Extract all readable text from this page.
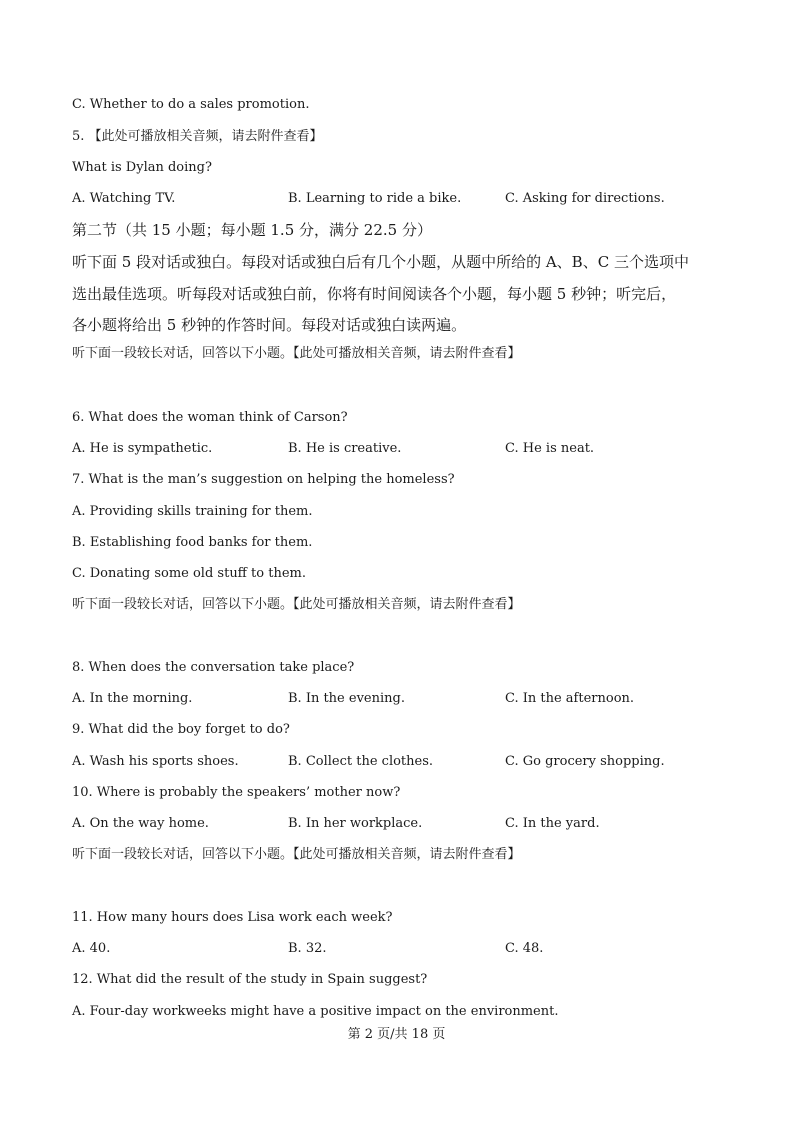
C. Whether to do a sales promotion.
5. 【此处可播放相关音频，请去附件查看】
What is Dylan doing?
A. Watching TV.	B. Learning to ride a bike.	C. Asking for directions.
第二节（共 15 小题；每小题 1.5 分，满分 22.5 分）
听下面 5 段对话或独白。每段对话或独白后有几个小题，从题中所给的 A、B、C 三个选项中
选出最佳选项。听每段对话或独白前，你将有时间阅读各个小题，每小题 5 秒钟；听完后，
各小题将给出 5 秒钟的作答时间。每段对话或独白读两遍。
听下面一段较长对话，回答以下小题。【此处可播放相关音频，请去附件查看】
6. What does the woman think of Carson?
A. He is sympathetic.	B. He is creative.	C. He is neat.
7. What is the man’s suggestion on helping the homeless?
A. Providing skills training for them.
B. Establishing food banks for them.
C. Donating some old stuff to them.
听下面一段较长对话，回答以下小题。【此处可播放相关音频，请去附件查看】
8. When does the conversation take place?
A. In the morning.	B. In the evening.	C. In the afternoon.
9. What did the boy forget to do?
A. Wash his sports shoes.	B. Collect the clothes.	C. Go grocery shopping.
10. Where is probably the speakers’ mother now?
A. On the way home.	B. In her workplace.	C. In the yard.
听下面一段较长对话，回答以下小题。【此处可播放相关音频，请去附件查看】
11. How many hours does Lisa work each week?
A. 40.	B. 32.	C. 48.
12. What did the result of the study in Spain suggest?
A. Four-day workweeks might have a positive impact on the environment.
第 2 页/共 18 页
